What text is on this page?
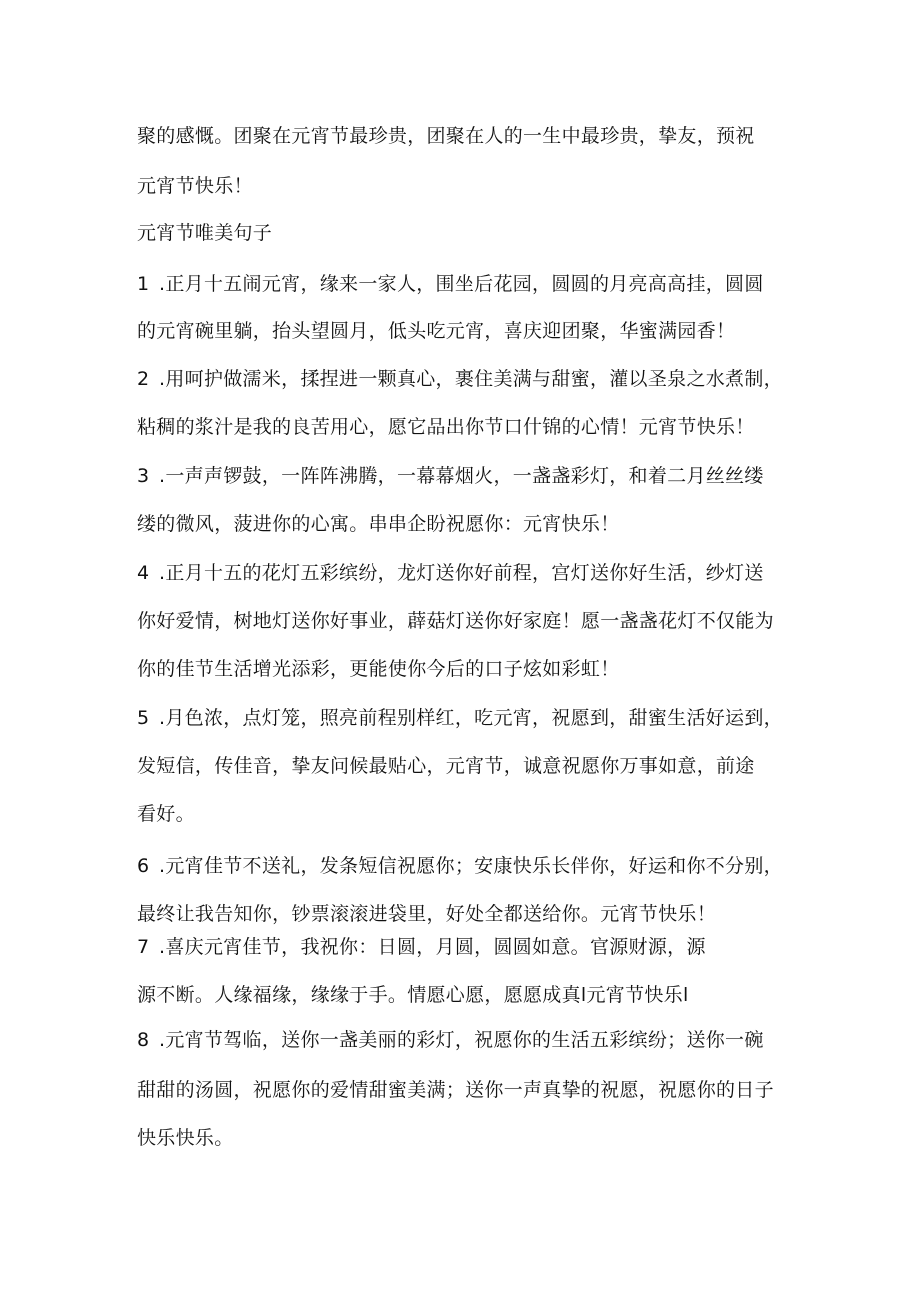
聚的感慨。团聚在元宵节最珍贵，团聚在人的一生中最珍贵，挚友，预祝
元宵节快乐！
元宵节唯美句子
1 .正月十五闹元宵，缘来一家人，围坐后花园，圆圆的月亮高高挂，圆圆
的元宵碗里躺，抬头望圆月，低头吃元宵，喜庆迎团聚，华蜜满园香！
2 .用呵护做濡米，揉捏进一颗真心，裹住美满与甜蜜，灌以圣泉之水煮制，
粘稠的浆汁是我的良苦用心，愿它品出你节口什锦的心情！元宵节快乐！
3 .一声声锣鼓，一阵阵沸腾，一幕幕烟火，一盏盏彩灯，和着二月丝丝缕
缕的微风，菠进你的心寓。串串企盼祝愿你：元宵快乐！
4 .正月十五的花灯五彩缤纷，龙灯送你好前程，宫灯送你好生活，纱灯送
你好爱情，树地灯送你好事业，薜菇灯送你好家庭！愿一盏盏花灯不仅能为
你的佳节生活增光添彩，更能使你今后的口子炫如彩虹！
5 .月色浓，点灯笼，照亮前程别样红，吃元宵，祝愿到，甜蜜生活好运到，
发短信，传佳音，挚友问候最贴心，元宵节，诚意祝愿你万事如意，前途
看好。
6 .元宵佳节不送礼，发条短信祝愿你；安康快乐长伴你，好运和你不分别，
最终让我告知你，钞票滚滚进袋里，好处全都送给你。元宵节快乐！
7 .喜庆元宵佳节，我祝你：日圆，月圆，圆圆如意。官源财源，源
源不断。人缘福缘，缘缘于手。情愿心愿，愿愿成真l元宵节快乐l
8 .元宵节驾临，送你一盏美丽的彩灯，祝愿你的生活五彩缤纷；送你一碗
甜甜的汤圆，祝愿你的爱情甜蜜美满；送你一声真挚的祝愿，祝愿你的日子
快乐快乐。
